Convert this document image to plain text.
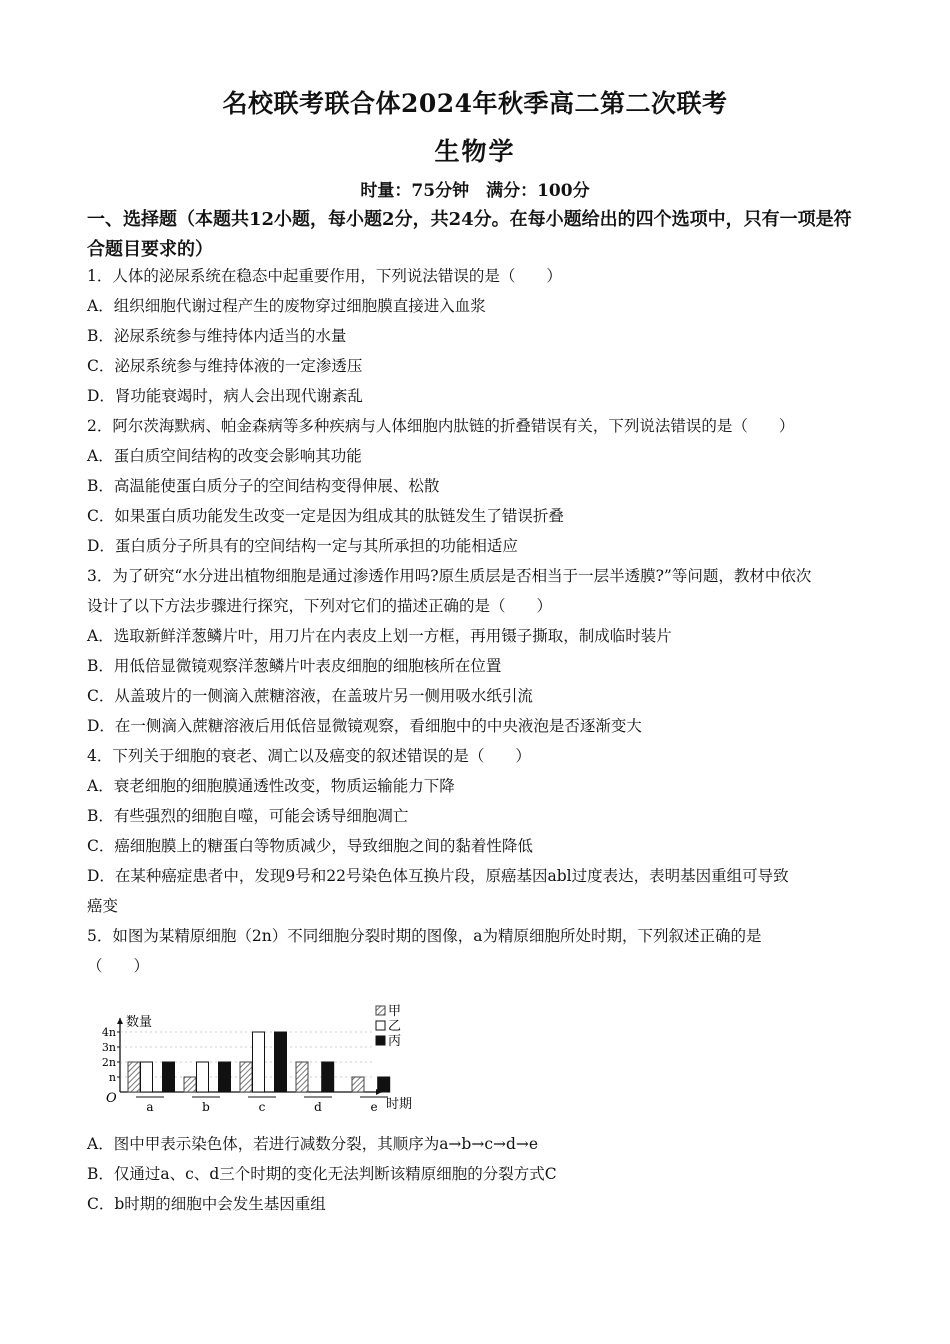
名校联考联合体2024年秋季高二第二次联考
生物学
时量：75分钟　满分：100分
一、选择题（本题共12小题，每小题2分，共24分。在每小题给出的四个选项中，只有一项是符合题目要求的）
1．人体的泌尿系统在稳态中起重要作用，下列说法错误的是（　　）
A．组织细胞代谢过程产生的废物穿过细胞膜直接进入血浆
B．泌尿系统参与维持体内适当的水量
C．泌尿系统参与维持体液的一定渗透压
D．肾功能衰竭时，病人会出现代谢紊乱
2．阿尔茨海默病、帕金森病等多种疾病与人体细胞内肽链的折叠错误有关，下列说法错误的是（　　）
A．蛋白质空间结构的改变会影响其功能
B．高温能使蛋白质分子的空间结构变得伸展、松散
C．如果蛋白质功能发生改变一定是因为组成其的肽链发生了错误折叠
D．蛋白质分子所具有的空间结构一定与其所承担的功能相适应
3．为了研究“水分进出植物细胞是通过渗透作用吗?原生质层是否相当于一层半透膜?”等问题，教材中依次
设计了以下方法步骤进行探究，下列对它们的描述正确的是（　　）
A．选取新鲜洋葱鳞片叶，用刀片在内表皮上划一方框，再用镊子撕取，制成临时装片
B．用低倍显微镜观察洋葱鳞片叶表皮细胞的细胞核所在位置
C．从盖玻片的一侧滴入蔗糖溶液，在盖玻片另一侧用吸水纸引流
D．在一侧滴入蔗糖溶液后用低倍显微镜观察，看细胞中的中央液泡是否逐渐变大
4．下列关于细胞的衰老、凋亡以及癌变的叙述错误的是（　　）
A．衰老细胞的细胞膜通透性改变，物质运输能力下降
B．有些强烈的细胞自噬，可能会诱导细胞凋亡
C．癌细胞膜上的糖蛋白等物质减少，导致细胞之间的黏着性降低
D．在某种癌症患者中，发现9号和22号染色体互换片段，原癌基因abl过度表达，表明基因重组可导致
癌变
5．如图为某精原细胞（2n）不同细胞分裂时期的图像，a为精原细胞所处时期，下列叙述正确的是
（　　）
数量
时期
O
n
2n
3n
4n
a	b	c	d	e
甲
乙
丙
A．图中甲表示染色体，若进行减数分裂，其顺序为a→b→c→d→e
B．仅通过a、c、d三个时期的变化无法判断该精原细胞的分裂方式C
C．b时期的细胞中会发生基因重组
